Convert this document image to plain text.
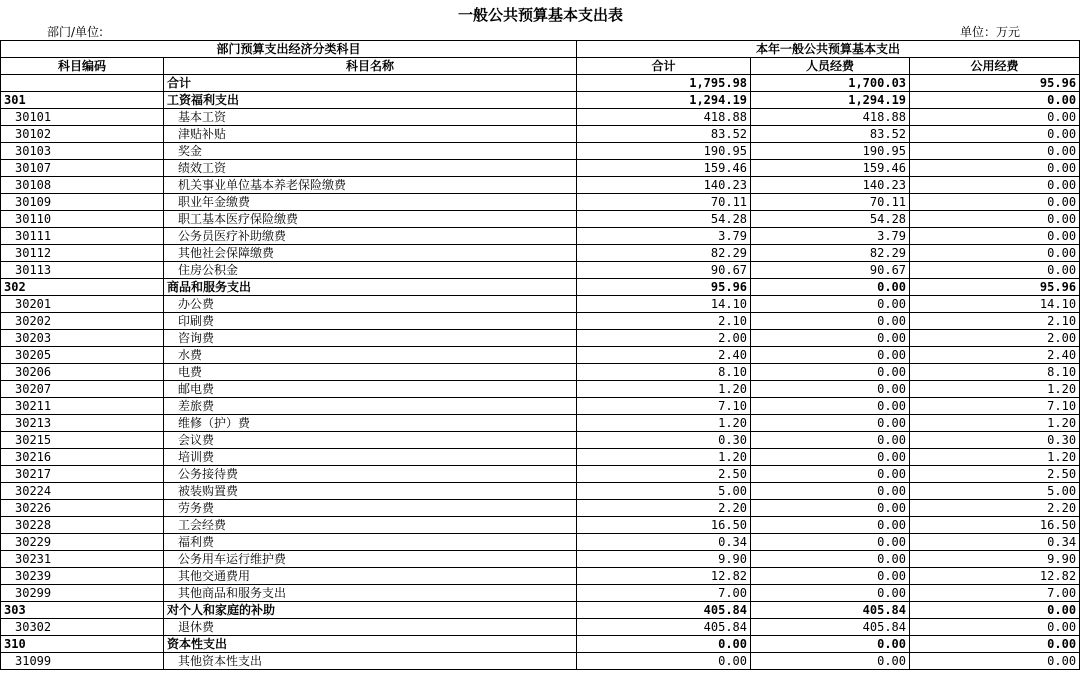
一般公共预算基本支出表
部门/单位:	单位：万元
部门预算支出经济分类科目		本年一般公共预算基本支出		
科目编码	科目名称	合计	人员经费	公用经费
	合计	1,795.98	1,700.03	95.96
301	工资福利支出	1,294.19	1,294.19	0.00
30101	基本工资	418.88	418.88	0.00
30102	津贴补贴	83.52	83.52	0.00
30103	奖金	190.95	190.95	0.00
30107	绩效工资	159.46	159.46	0.00
30108	机关事业单位基本养老保险缴费	140.23	140.23	0.00
30109	职业年金缴费	70.11	70.11	0.00
30110	职工基本医疗保险缴费	54.28	54.28	0.00
30111	公务员医疗补助缴费	3.79	3.79	0.00
30112	其他社会保障缴费	82.29	82.29	0.00
30113	住房公积金	90.67	90.67	0.00
302	商品和服务支出	95.96	0.00	95.96
30201	办公费	14.10	0.00	14.10
30202	印刷费	2.10	0.00	2.10
30203	咨询费	2.00	0.00	2.00
30205	水费	2.40	0.00	2.40
30206	电费	8.10	0.00	8.10
30207	邮电费	1.20	0.00	1.20
30211	差旅费	7.10	0.00	7.10
30213	维修（护）费	1.20	0.00	1.20
30215	会议费	0.30	0.00	0.30
30216	培训费	1.20	0.00	1.20
30217	公务接待费	2.50	0.00	2.50
30224	被装购置费	5.00	0.00	5.00
30226	劳务费	2.20	0.00	2.20
30228	工会经费	16.50	0.00	16.50
30229	福利费	0.34	0.00	0.34
30231	公务用车运行维护费	9.90	0.00	9.90
30239	其他交通费用	12.82	0.00	12.82
30299	其他商品和服务支出	7.00	0.00	7.00
303	对个人和家庭的补助	405.84	405.84	0.00
30302	退休费	405.84	405.84	0.00
310	资本性支出	0.00	0.00	0.00
31099	其他资本性支出	0.00	0.00	0.00
